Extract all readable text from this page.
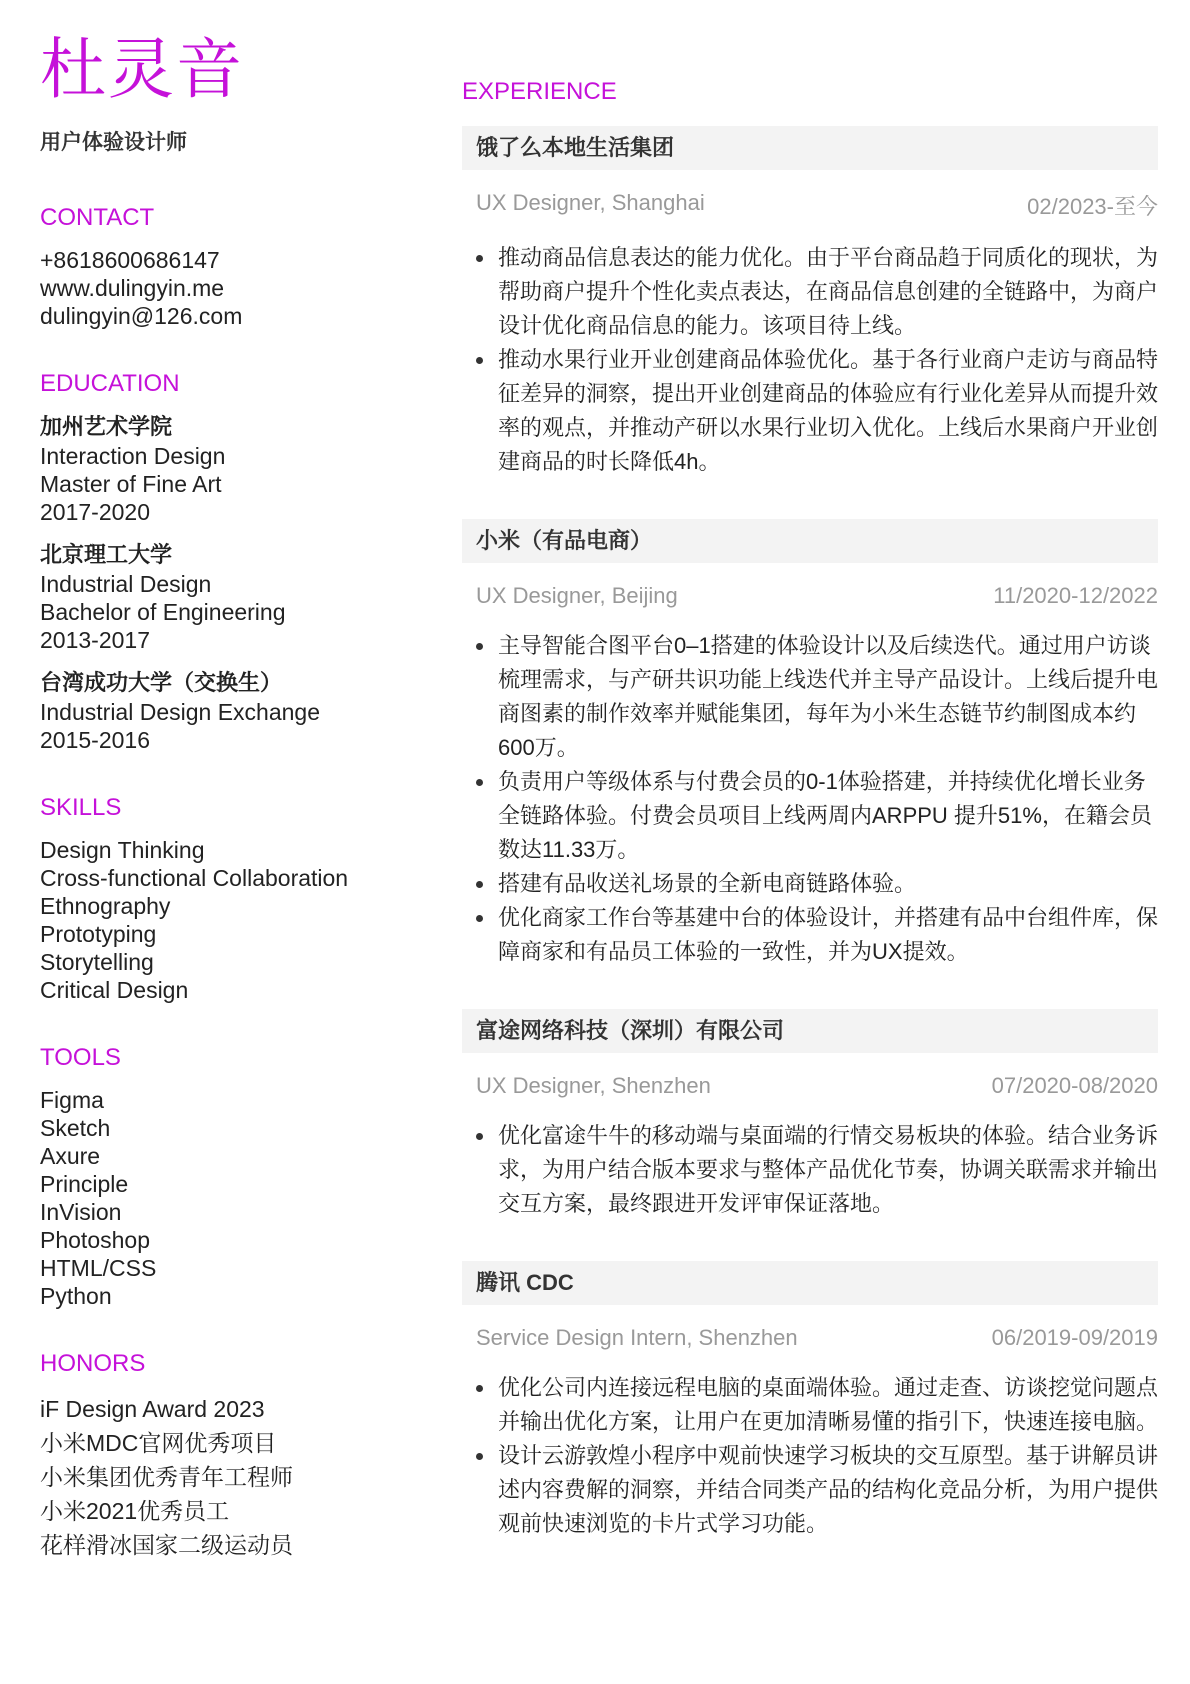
杜灵音
用户体验设计师
CONTACT
+8618600686147
www.dulingyin.me
dulingyin@126.com
EDUCATION
加州艺术学院
Interaction Design
Master of Fine Art
2017-2020
北京理工大学
Industrial Design
Bachelor of Engineering
2013-2017
台湾成功大学（交换生）
Industrial Design Exchange
2015-2016
SKILLS
Design Thinking
Cross-functional Collaboration
Ethnography
Prototyping
Storytelling
Critical Design
TOOLS
Figma
Sketch
Axure
Principle
InVision
Photoshop
HTML/CSS
Python
HONORS
iF Design Award 2023
小米MDC官网优秀项目
小米集团优秀青年工程师
小米2021优秀员工
花样滑冰国家二级运动员
EXPERIENCE
饿了么本地生活集团
UX Designer, Shanghai	02/2023-至今
推动商品信息表达的能力优化。由于平台商品趋于同质化的现状，为帮助商户提升个性化卖点表达，在商品信息创建的全链路中，为商户设计优化商品信息的能力。该项目待上线。
推动水果行业开业创建商品体验优化。基于各行业商户走访与商品特征差异的洞察，提出开业创建商品的体验应有行业化差异从而提升效率的观点，并推动产研以水果行业切入优化。上线后水果商户开业创建商品的时长降低4h。
小米（有品电商）
UX Designer, Beijing	11/2020-12/2022
主导智能合图平台0–1搭建的体验设计以及后续迭代。通过用户访谈梳理需求，与产研共识功能上线迭代并主导产品设计。上线后提升电商图素的制作效率并赋能集团，每年为小米生态链节约制图成本约600万。
负责用户等级体系与付费会员的0-1体验搭建，并持续优化增长业务全链路体验。付费会员项目上线两周内ARPPU 提升51%，在籍会员数达11.33万。
搭建有品收送礼场景的全新电商链路体验。
优化商家工作台等基建中台的体验设计，并搭建有品中台组件库，保障商家和有品员工体验的一致性，并为UX提效。
富途网络科技（深圳）有限公司
UX Designer, Shenzhen	07/2020-08/2020
优化富途牛牛的移动端与桌面端的行情交易板块的体验。结合业务诉求，为用户结合版本要求与整体产品优化节奏，协调关联需求并输出交互方案，最终跟进开发评审保证落地。
腾讯 CDC
Service Design Intern, Shenzhen	06/2019-09/2019
优化公司内连接远程电脑的桌面端体验。通过走查、访谈挖觉问题点并输出优化方案，让用户在更加清晰易懂的指引下，快速连接电脑。
设计云游敦煌小程序中观前快速学习板块的交互原型。基于讲解员讲述内容费解的洞察，并结合同类产品的结构化竞品分析，为用户提供观前快速浏览的卡片式学习功能。
